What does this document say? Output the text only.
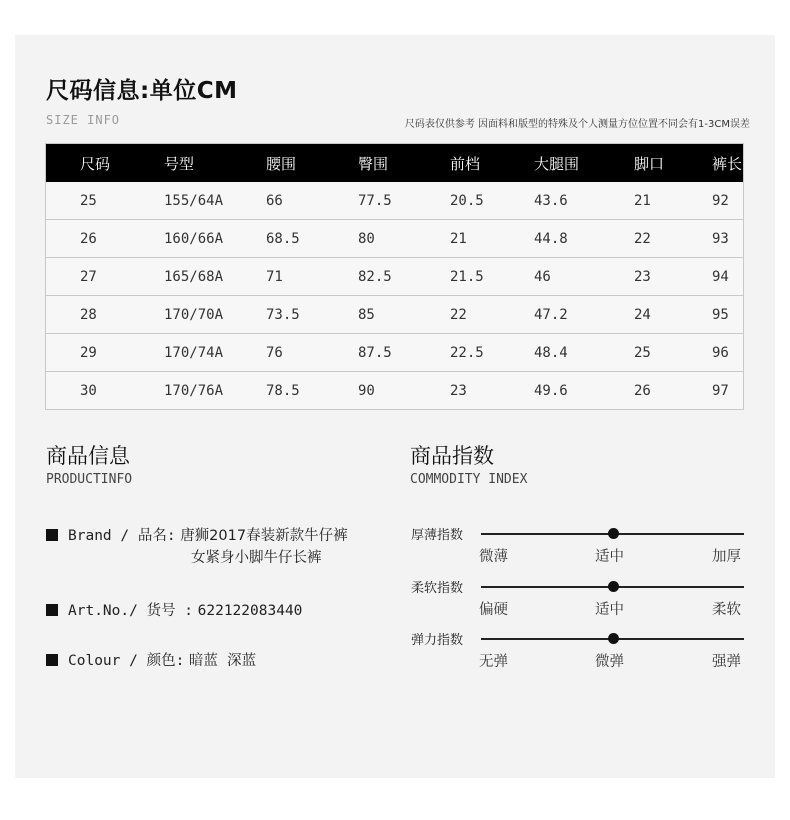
尺码信息:单位CM
SIZE INFO	尺码表仅供参考 因面料和版型的特殊及个人测量方位位置不同会有1-3CM误差
尺码	号型	腰围	臀围	前档	大腿围	脚口	裤长
25	155/64A	66	77.5	20.5	43.6	21	92
26	160/66A	68.5	80	21	44.8	22	93
27	165/68A	71	82.5	21.5	46	23	94
28	170/70A	73.5	85	22	47.2	24	95
29	170/74A	76	87.5	22.5	48.4	25	96
30	170/76A	78.5	90	23	49.6	26	97
商品信息
PRODUCTINFO
Brand / 品名: 唐狮2017春装新款牛仔裤
女紧身小脚牛仔长裤
Art.No./ 货号 : 622122083440
Colour / 颜色: 暗蓝  深蓝
商品指数
COMMODITY INDEX
厚薄指数
微薄	适中	加厚
柔软指数
偏硬	适中	柔软
弹力指数
无弹	微弹	强弹
